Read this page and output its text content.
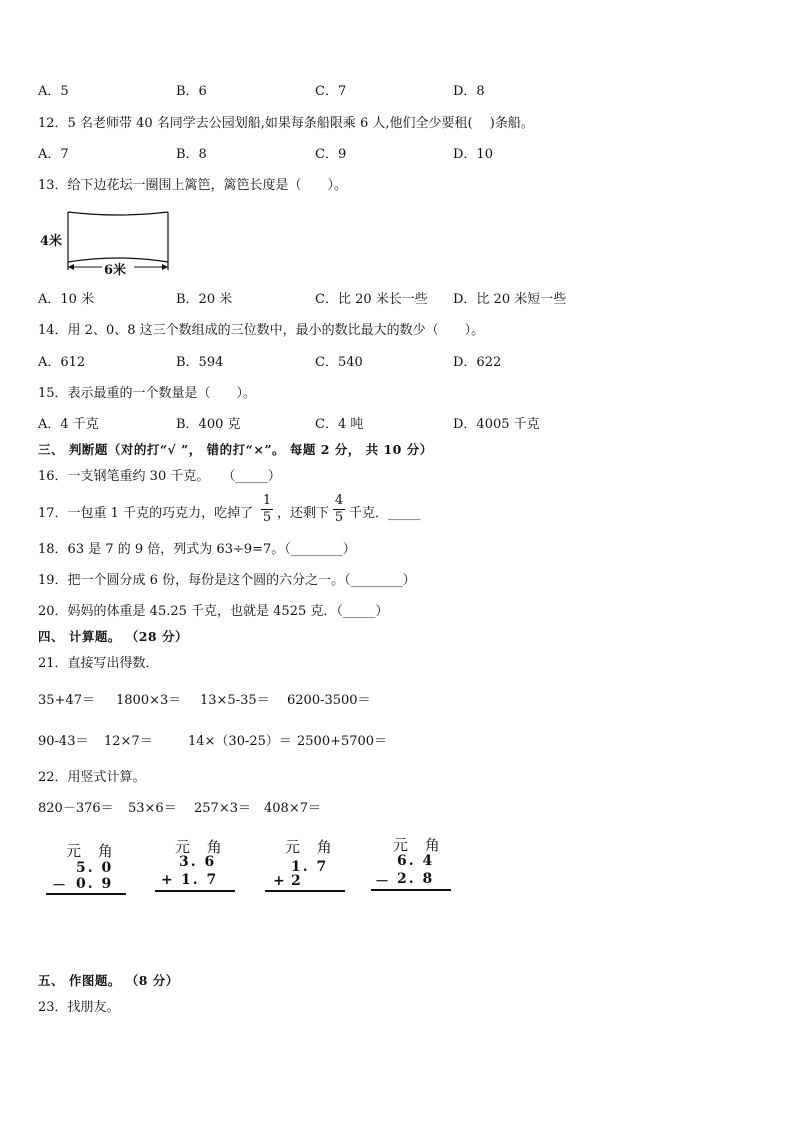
A．5	B．6	C．7	D．8
12．5 名老师带 40 名同学去公园划船,如果每条船限乘 6 人,他们全少要租(　 )条船。
A．7	B．8	C．9	D．10
13．给下边花坛一圈围上篱笆，篱笆长度是（　　）。
4米
6米
A．10 米	B．20 米	C．比 20 米长一些 D．比 20 米短一些
14．用 2、0、8 这三个数组成的三位数中，最小的数比最大的数少（　　）。
A．612	B．594	C．540	D．622
15．表示最重的一个数量是（　　）。
A．4 千克	B．400 克	C．4 吨	D．4005 千克
三、 判断题（对的打“√ ”， 错的打“×”。 每题 2 分， 共 10 分）
16．一支钢笔重约 30 千克。　　（_____）
17．一包重 1 千克的巧克力，吃掉了
1
5 ，还剩下
4
5 千克．_____
18．63 是 7 的 9 倍，列式为 63÷9=7。（________）
19．把一个圆分成 6 份，每份是这个圆的六分之一。（________）
20．妈妈的体重是 45.25 千克，也就是 4525 克．（_____）
四、 计算题。 （28 分）
21．直接写出得数．
35+47＝ 1800×3＝ 13×5-35＝ 6200-3500＝
90-43＝ 12×7＝	14×（30-25）＝ 2500+5700＝
22．用竖式计算。
820－376＝ 53×6＝ 257×3＝ 408×7＝
元 角
5. 0
－ 0. 9
元 角
3. 6
+ 1. 7
元 角
1. 7
+ 2
元 角
6. 4
－ 2. 8
五、 作图题。 （8 分）
23．找朋友。
